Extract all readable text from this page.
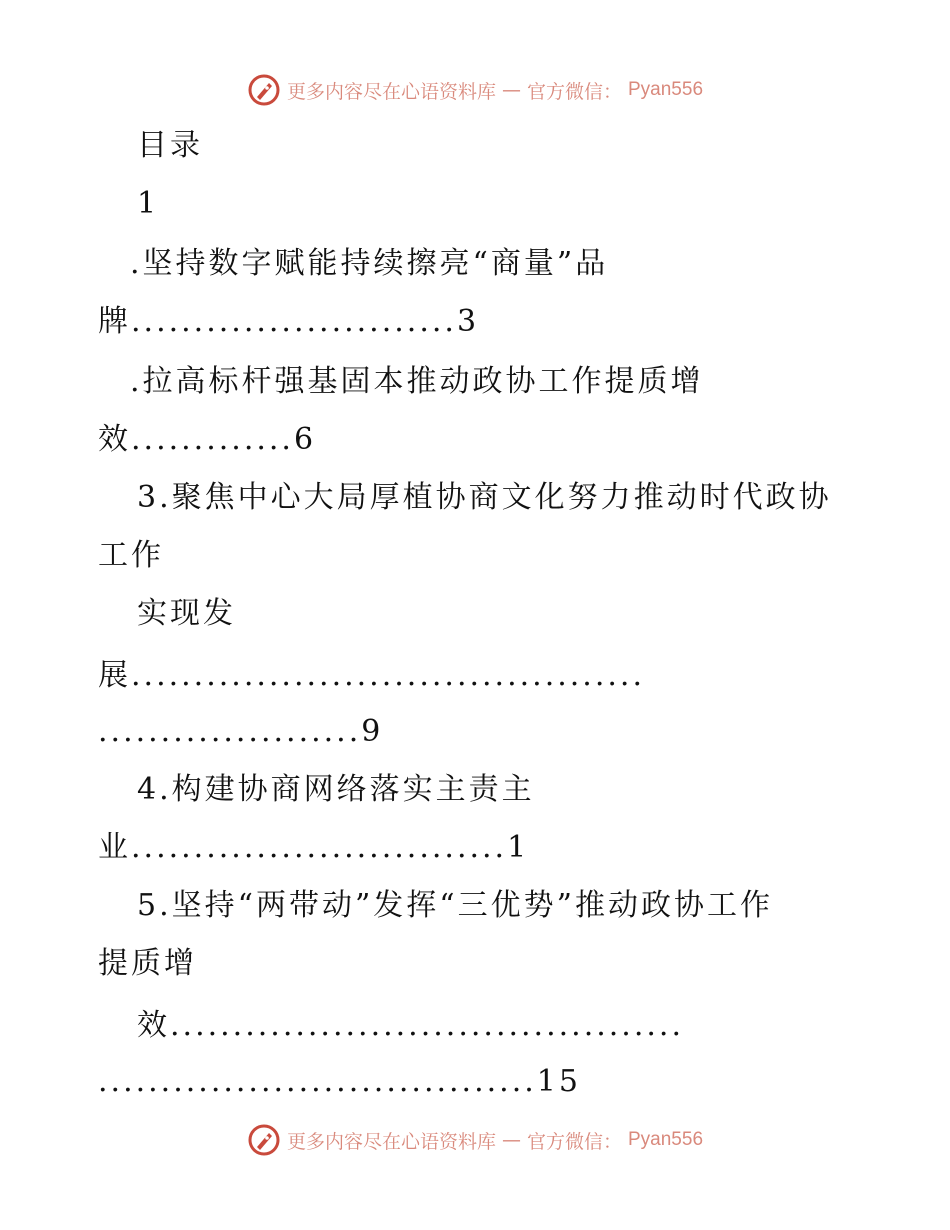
更多内容尽在心语资料库 — 官方微信： Pyan556
目录
1
.坚持数字赋能持续擦亮“商量”品
牌..........................3
.拉高标杆强基固本推动政协工作提质增
效.............6
3.聚焦中心大局厚植协商文化努力推动时代政协
工作
实现发
展.........................................
.....................9
4.构建协商网络落实主责主
业..............................1
5.坚持“两带动”发挥“三优势”推动政协工作
提质增
效.........................................
...................................15
更多内容尽在心语资料库 — 官方微信： Pyan556
